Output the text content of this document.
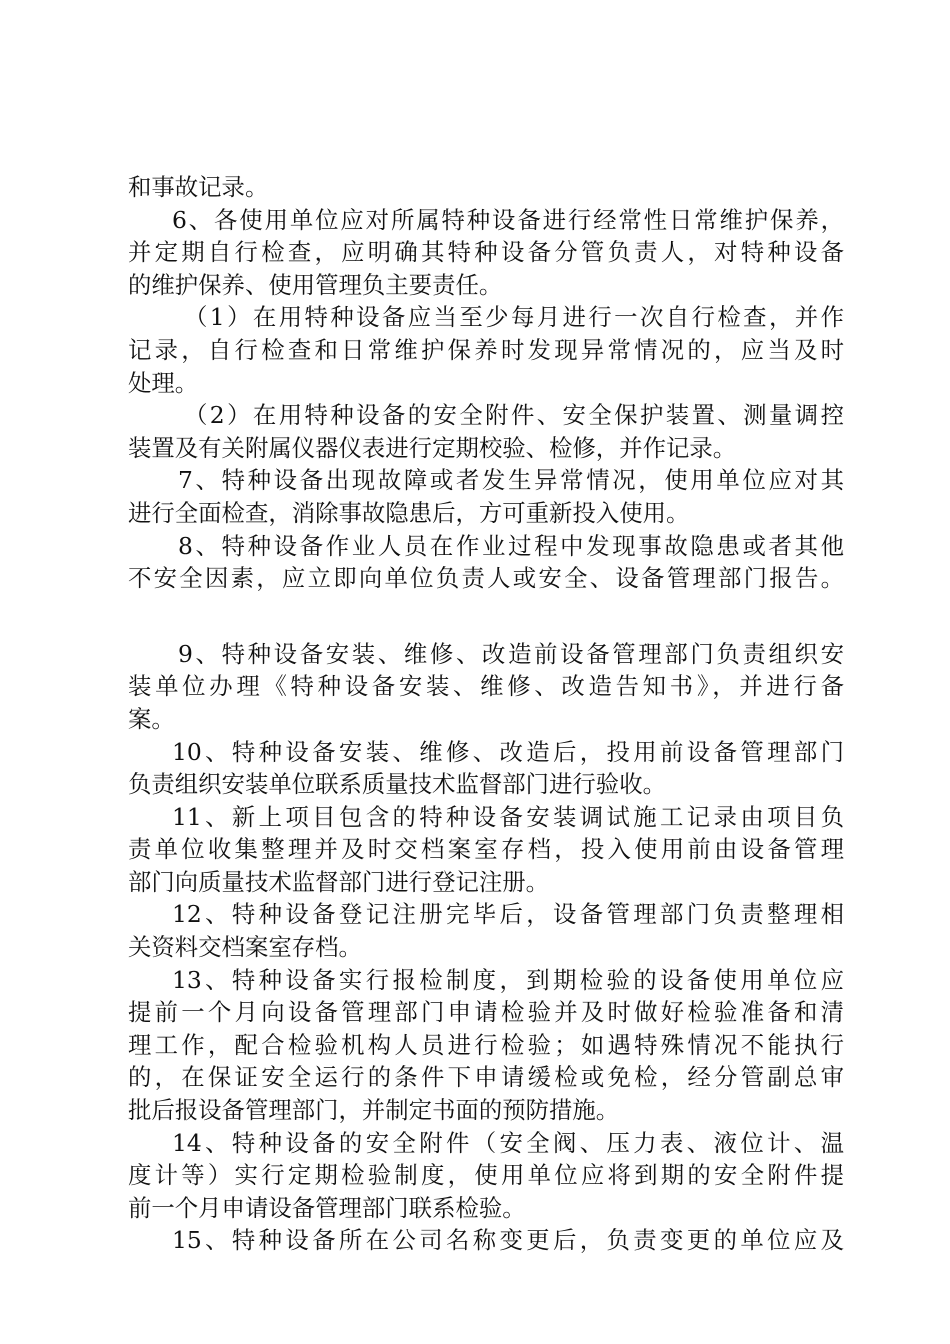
和事故记录。
6、各使用单位应对所属特种设备进行经常性日常维护保养，
并定期自行检查，应明确其特种设备分管负责人，对特种设备
的维护保养、使用管理负主要责任。
（1）在用特种设备应当至少每月进行一次自行检查，并作
记录，自行检查和日常维护保养时发现异常情况的，应当及时
处理。
（2）在用特种设备的安全附件、安全保护装置、测量调控
装置及有关附属仪器仪表进行定期校验、检修，并作记录。
7、特种设备出现故障或者发生异常情况，使用单位应对其
进行全面检查，消除事故隐患后，方可重新投入使用。
8、特种设备作业人员在作业过程中发现事故隐患或者其他
不安全因素，应立即向单位负责人或安全、设备管理部门报告。
9、特种设备安装、维修、改造前设备管理部门负责组织安
装单位办理《特种设备安装、维修、改造告知书》，并进行备
案。
10、特种设备安装、维修、改造后，投用前设备管理部门
负责组织安装单位联系质量技术监督部门进行验收。
11、新上项目包含的特种设备安装调试施工记录由项目负
责单位收集整理并及时交档案室存档，投入使用前由设备管理
部门向质量技术监督部门进行登记注册。
12、特种设备登记注册完毕后，设备管理部门负责整理相
关资料交档案室存档。
13、特种设备实行报检制度，到期检验的设备使用单位应
提前一个月向设备管理部门申请检验并及时做好检验准备和清
理工作，配合检验机构人员进行检验；如遇特殊情况不能执行
的，在保证安全运行的条件下申请缓检或免检，经分管副总审
批后报设备管理部门，并制定书面的预防措施。
14、特种设备的安全附件（安全阀、压力表、液位计、温
度计等）实行定期检验制度，使用单位应将到期的安全附件提
前一个月申请设备管理部门联系检验。
15、特种设备所在公司名称变更后，负责变更的单位应及
